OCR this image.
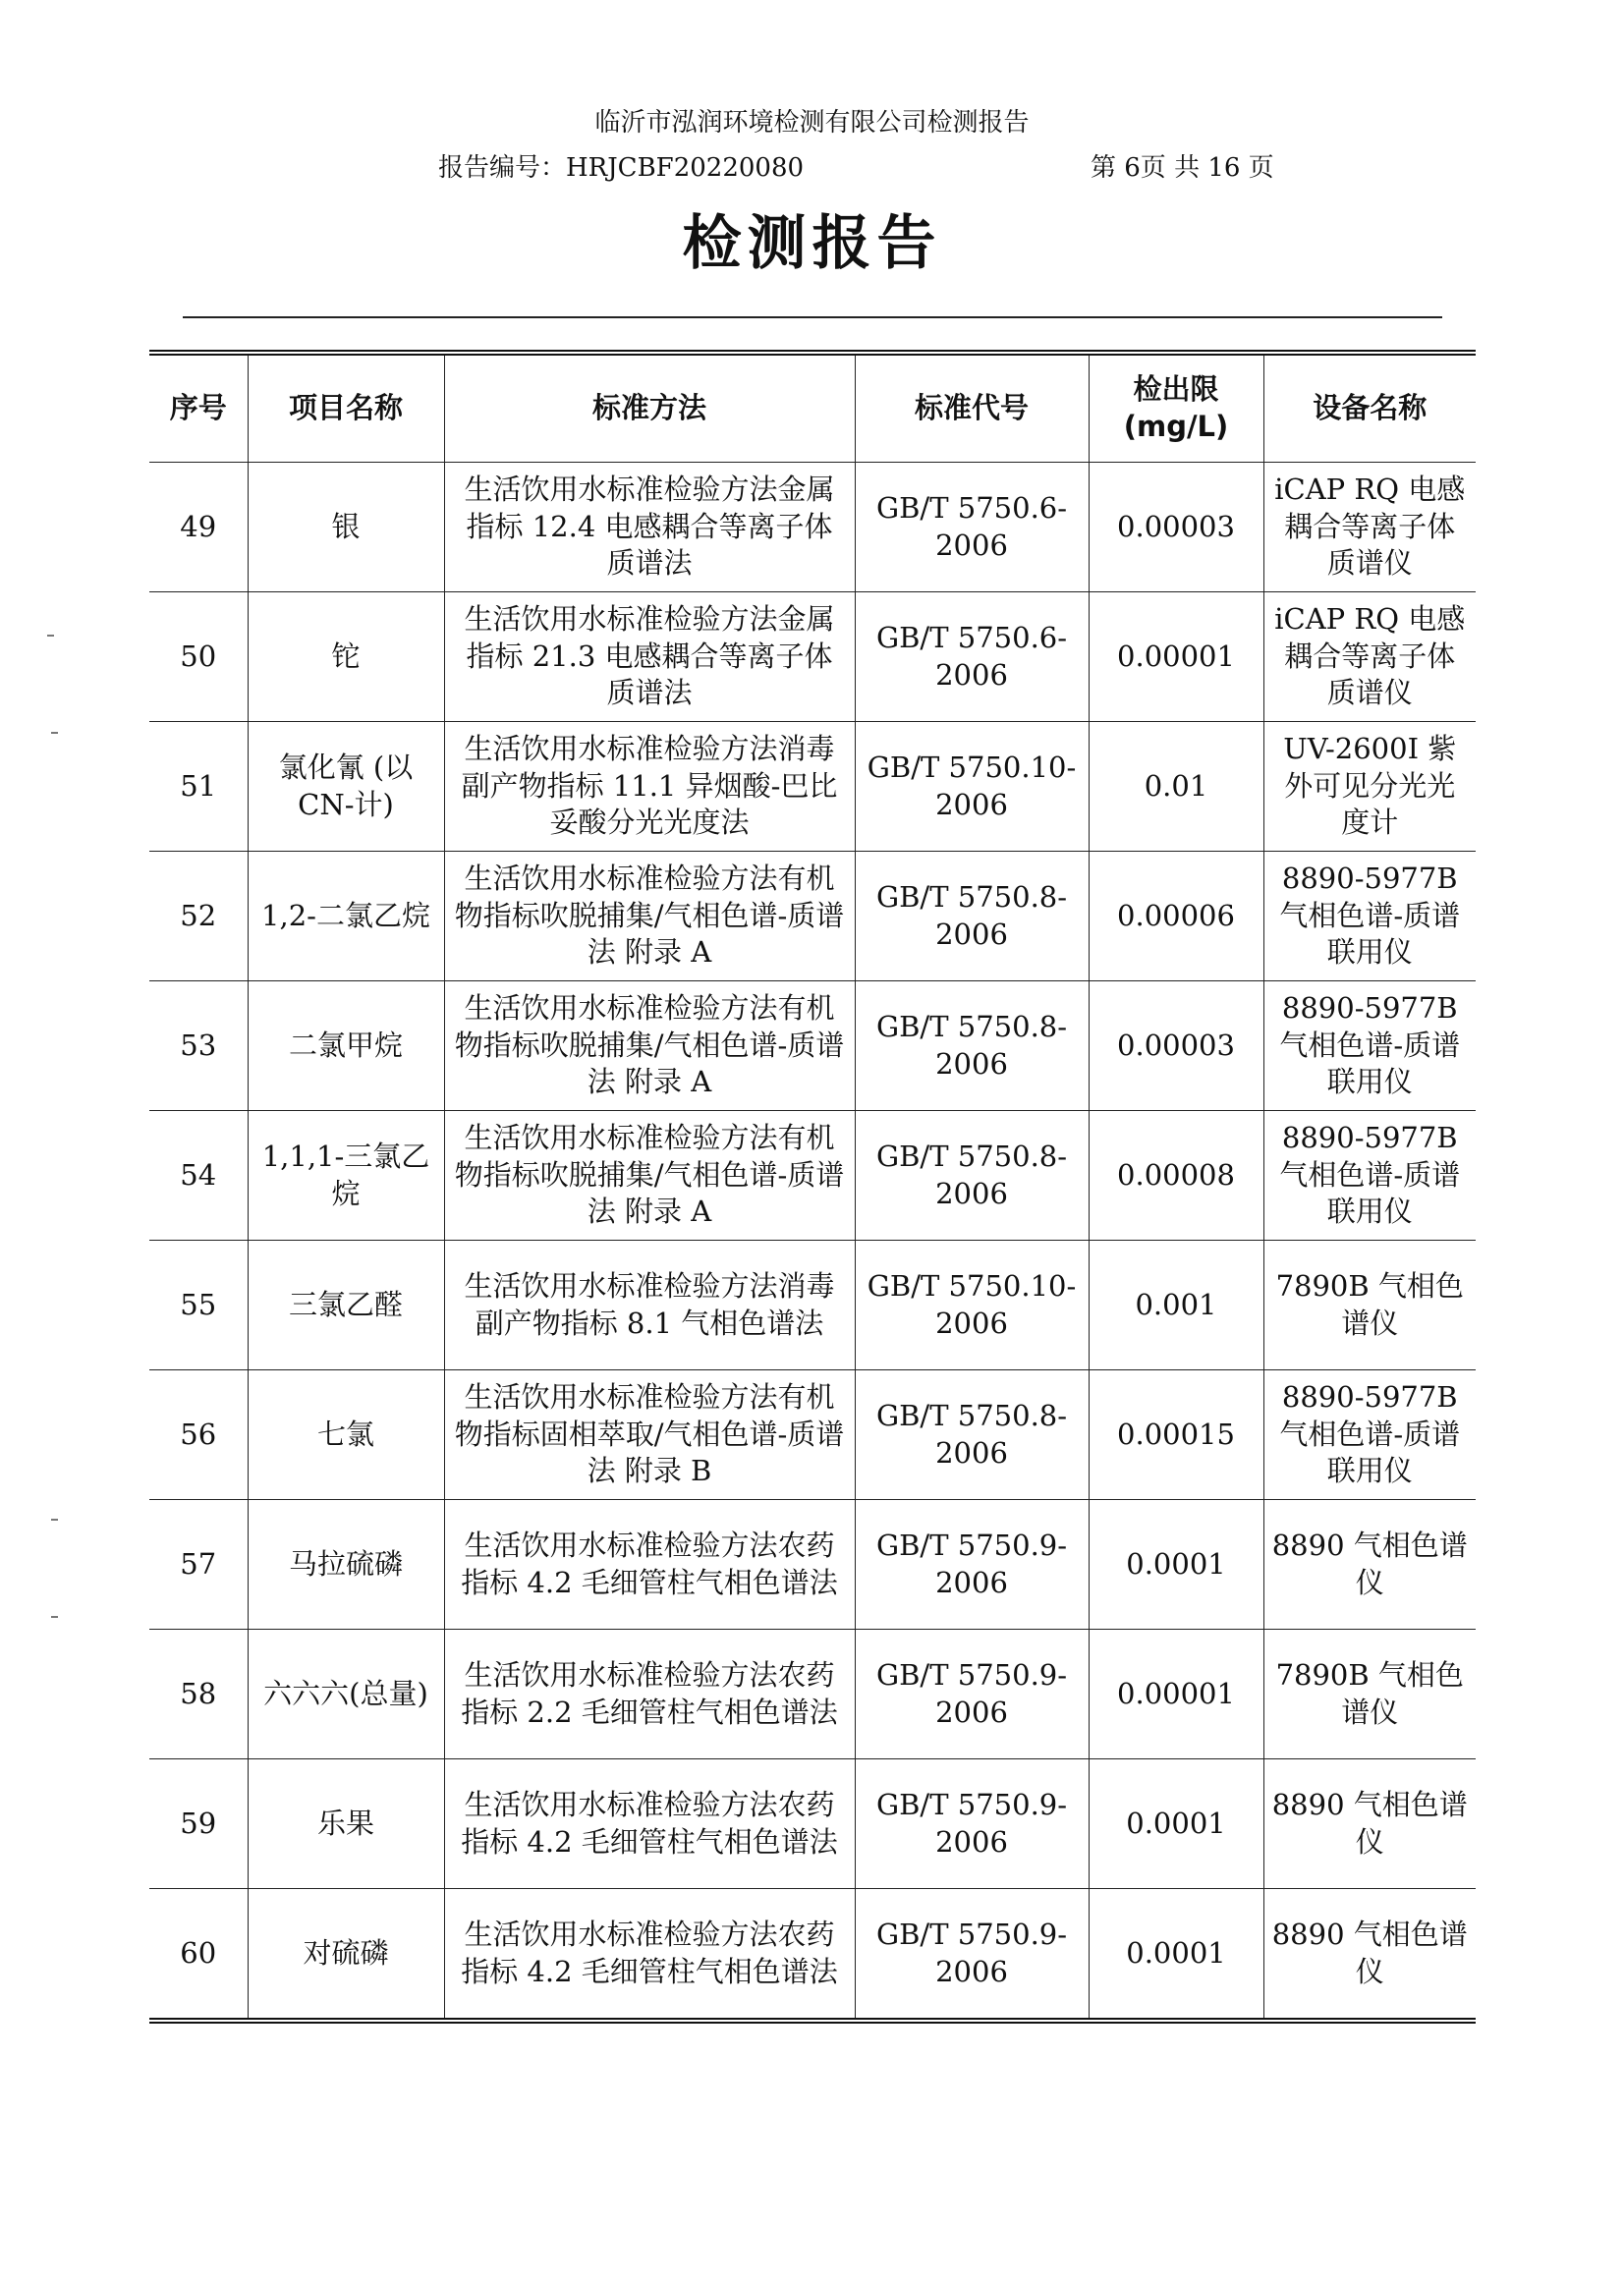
临沂市泓润环境检测有限公司检测报告
报告编号：HRJCBF20220080	第 6页 共 16 页
检测报告
序号	项目名称	标准方法	标准代号	检出限 (mg/L)	设备名称
49	银	生活饮用水标准检验方法金属指标 12.4 电感耦合等离子体质谱法	GB/T 5750.6-2006	0.00003	iCAP RQ 电感耦合等离子体质谱仪
50	铊	生活饮用水标准检验方法金属指标 21.3 电感耦合等离子体质谱法	GB/T 5750.6-2006	0.00001	iCAP RQ 电感耦合等离子体质谱仪
51	氯化氰 (以 CN-计)	生活饮用水标准检验方法消毒副产物指标 11.1 异烟酸-巴比妥酸分光光度法	GB/T 5750.10-2006	0.01	UV-2600I 紫外可见分光光度计
52	1,2-二氯乙烷	生活饮用水标准检验方法有机物指标吹脱捕集/气相色谱-质谱法 附录 A	GB/T 5750.8-2006	0.00006	8890-5977B 气相色谱-质谱联用仪
53	二氯甲烷	生活饮用水标准检验方法有机物指标吹脱捕集/气相色谱-质谱法 附录 A	GB/T 5750.8-2006	0.00003	8890-5977B 气相色谱-质谱联用仪
54	1,1,1-三氯乙烷	生活饮用水标准检验方法有机物指标吹脱捕集/气相色谱-质谱法 附录 A	GB/T 5750.8-2006	0.00008	8890-5977B 气相色谱-质谱联用仪
55	三氯乙醛	生活饮用水标准检验方法消毒副产物指标 8.1 气相色谱法	GB/T 5750.10-2006	0.001	7890B 气相色谱仪
56	七氯	生活饮用水标准检验方法有机物指标固相萃取/气相色谱-质谱法 附录 B	GB/T 5750.8-2006	0.00015	8890-5977B 气相色谱-质谱联用仪
57	马拉硫磷	生活饮用水标准检验方法农药指标 4.2 毛细管柱气相色谱法	GB/T 5750.9-2006	0.0001	8890 气相色谱仪
58	六六六(总量)	生活饮用水标准检验方法农药指标 2.2 毛细管柱气相色谱法	GB/T 5750.9-2006	0.00001	7890B 气相色谱仪
59	乐果	生活饮用水标准检验方法农药指标 4.2 毛细管柱气相色谱法	GB/T 5750.9-2006	0.0001	8890 气相色谱仪
60	对硫磷	生活饮用水标准检验方法农药指标 4.2 毛细管柱气相色谱法	GB/T 5750.9-2006	0.0001	8890 气相色谱仪
